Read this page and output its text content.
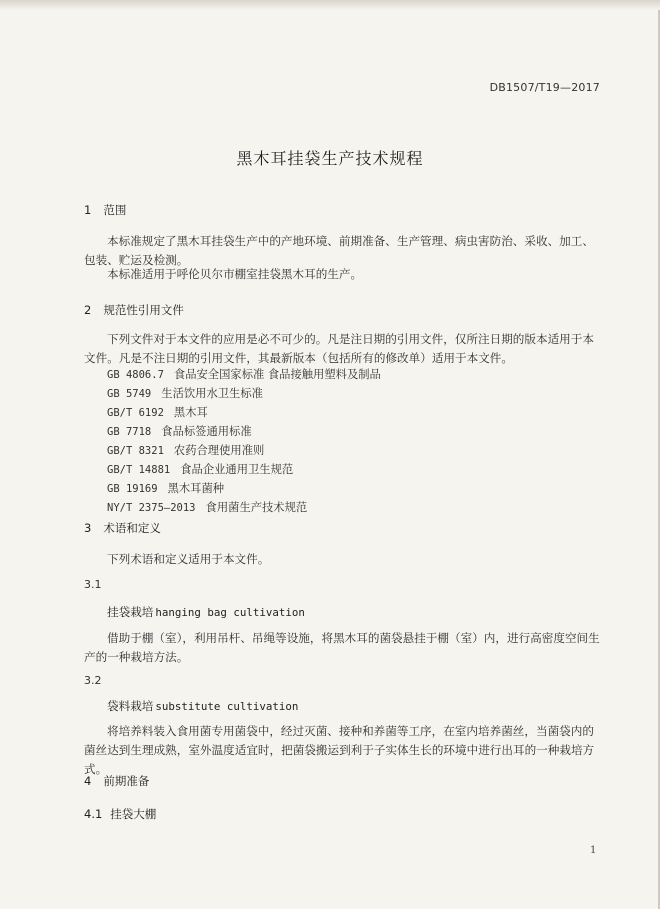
DB1507/T19—2017
黑木耳挂袋生产技术规程
1 范围

本标准规定了黑木耳挂袋生产中的产地环境、前期准备、生产管理、病虫害防治、采收、加工、包装、贮运及检测。

本标准适用于呼伦贝尔市棚室挂袋黑木耳的生产。

2 规范性引用文件

下列文件对于本文件的应用是必不可少的。凡是注日期的引用文件，仅所注日期的版本适用于本文件。凡是不注日期的引用文件，其最新版本（包括所有的修改单）适用于本文件。

GB 4806.7 食品安全国家标准 食品接触用塑料及制品
GB 5749 生活饮用水卫生标准
GB/T 6192 黑木耳
GB 7718 食品标签通用标准
GB/T 8321 农药合理使用准则
GB/T 14881 食品企业通用卫生规范
GB 19169 黑木耳菌种
NY/T 2375—2013 食用菌生产技术规范
3 术语和定义

下列术语和定义适用于本文件。

3.1
挂袋栽培 hanging bag cultivation

借助于棚（室），利用吊杆、吊绳等设施，将黑木耳的菌袋悬挂于棚（室）内，进行高密度空间生产的一种栽培方法。

3.2
袋料栽培 substitute cultivation

将培养料装入食用菌专用菌袋中，经过灭菌、接种和养菌等工序，在室内培养菌丝，当菌袋内的菌丝达到生理成熟，室外温度适宜时，把菌袋搬运到利于子实体生长的环境中进行出耳的一种栽培方式。

4 前期准备
4.1 挂袋大棚
1
